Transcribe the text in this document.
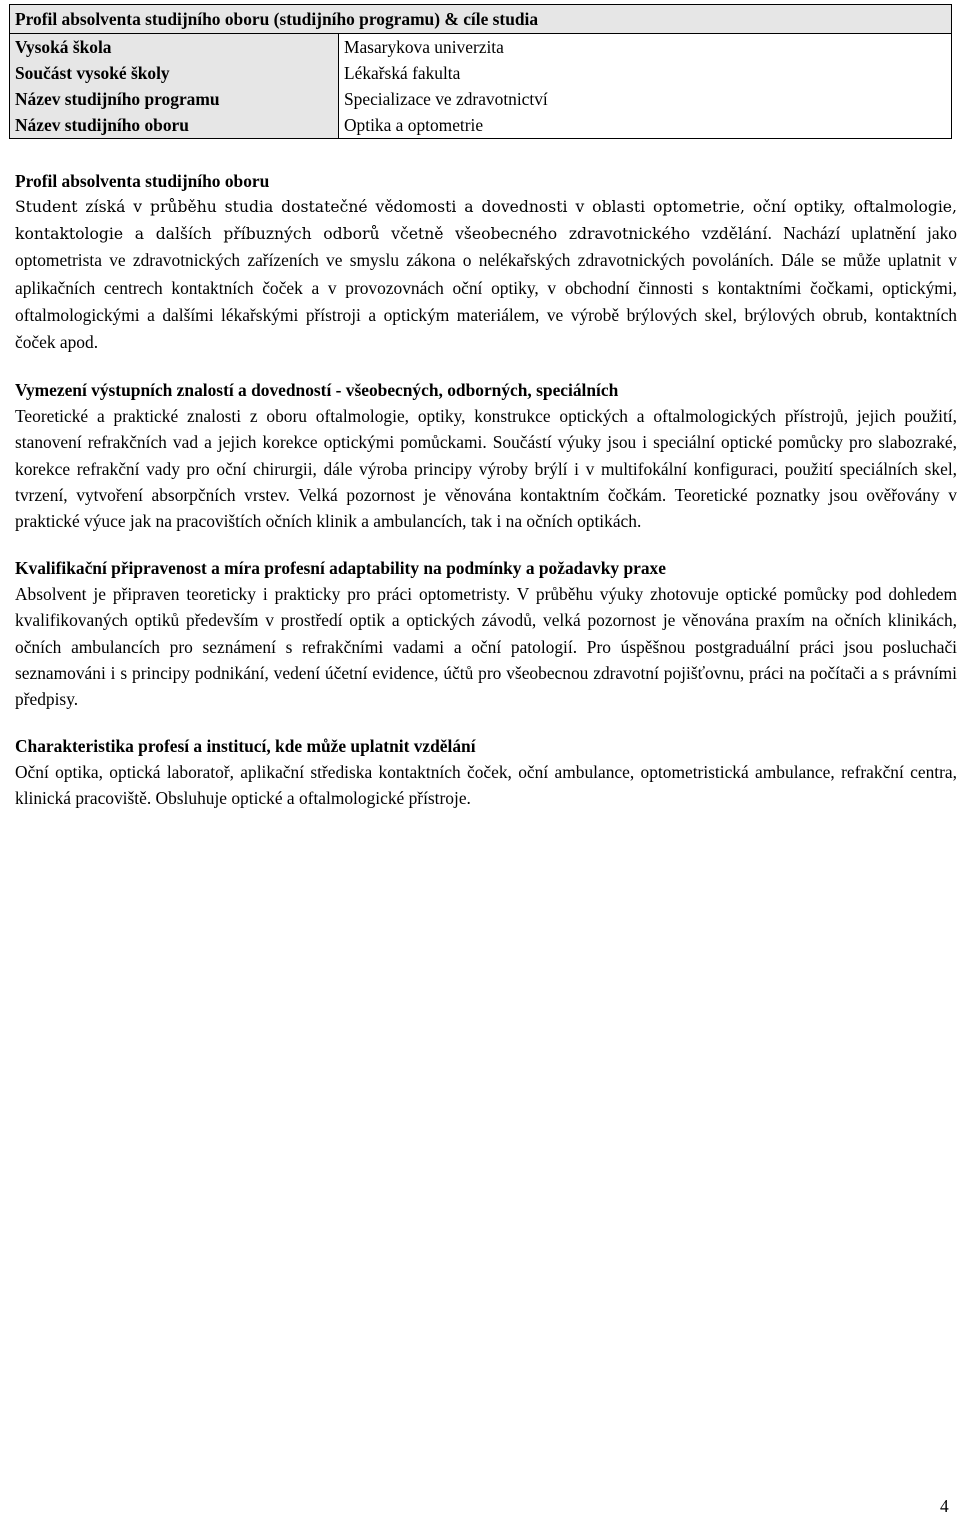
Profil absolventa studijního oboru (studijního programu) & cíle studia	
Vysoká škola	Masarykova univerzita
Součást vysoké školy	Lékařská fakulta
Název studijního programu	Specializace ve zdravotnictví
Název studijního oboru	Optika a optometrie
Profil absolventa studijního oboru

Student získá v průběhu studia dostatečné vědomosti a dovednosti v oblasti optometrie, oční optiky, oftalmologie, kontaktologie a dalších příbuzných odborů včetně všeobecného zdravotnického vzdělání. Nachází uplatnění jako optometrista ve zdravotnických zařízeních ve smyslu zákona o nelékařských zdravotnických povoláních. Dále se může uplatnit v aplikačních centrech kontaktních čoček a v provozovnách oční optiky, v obchodní činnosti s kontaktními čočkami, optickými, oftalmologickými a dalšími lékařskými přístroji a optickým materiálem, ve výrobě brýlových skel, brýlových obrub, kontaktních čoček apod.

Vymezení výstupních znalostí a dovedností - všeobecných, odborných, speciálních

Teoretické a praktické znalosti z oboru oftalmologie, optiky, konstrukce optických a oftalmologických přístrojů, jejich použití, stanovení refrakčních vad a jejich korekce optickými pomůckami. Součástí výuky jsou i speciální optické pomůcky pro slabozraké, korekce refrakční vady pro oční chirurgii, dále výroba principy výroby brýlí i v multifokální konfiguraci, použití speciálních skel, tvrzení, vytvoření absorpčních vrstev. Velká pozornost je věnována kontaktním čočkám. Teoretické poznatky jsou ověřovány v praktické výuce jak na pracovištích očních klinik a ambulancích, tak i na očních optikách.

Kvalifikační připravenost a míra profesní adaptability na podmínky a požadavky praxe

Absolvent je připraven teoreticky i prakticky pro práci optometristy. V průběhu výuky zhotovuje optické pomůcky pod dohledem kvalifikovaných optiků především v prostředí optik a optických závodů, velká pozornost je věnována praxím na očních klinikách, očních ambulancích pro seznámení s refrakčními vadami a oční patologií. Pro úspěšnou postgraduální práci jsou posluchači seznamováni i s principy podnikání, vedení účetní evidence, účtů pro všeobecnou zdravotní pojišťovnu, práci na počítači a s právními předpisy.

Charakteristika profesí a institucí, kde může uplatnit vzdělání

Oční optika, optická laboratoř, aplikační střediska kontaktních čoček, oční ambulance, optometristická ambulance, refrakční centra, klinická pracoviště. Obsluhuje optické a oftalmologické přístroje.

4
